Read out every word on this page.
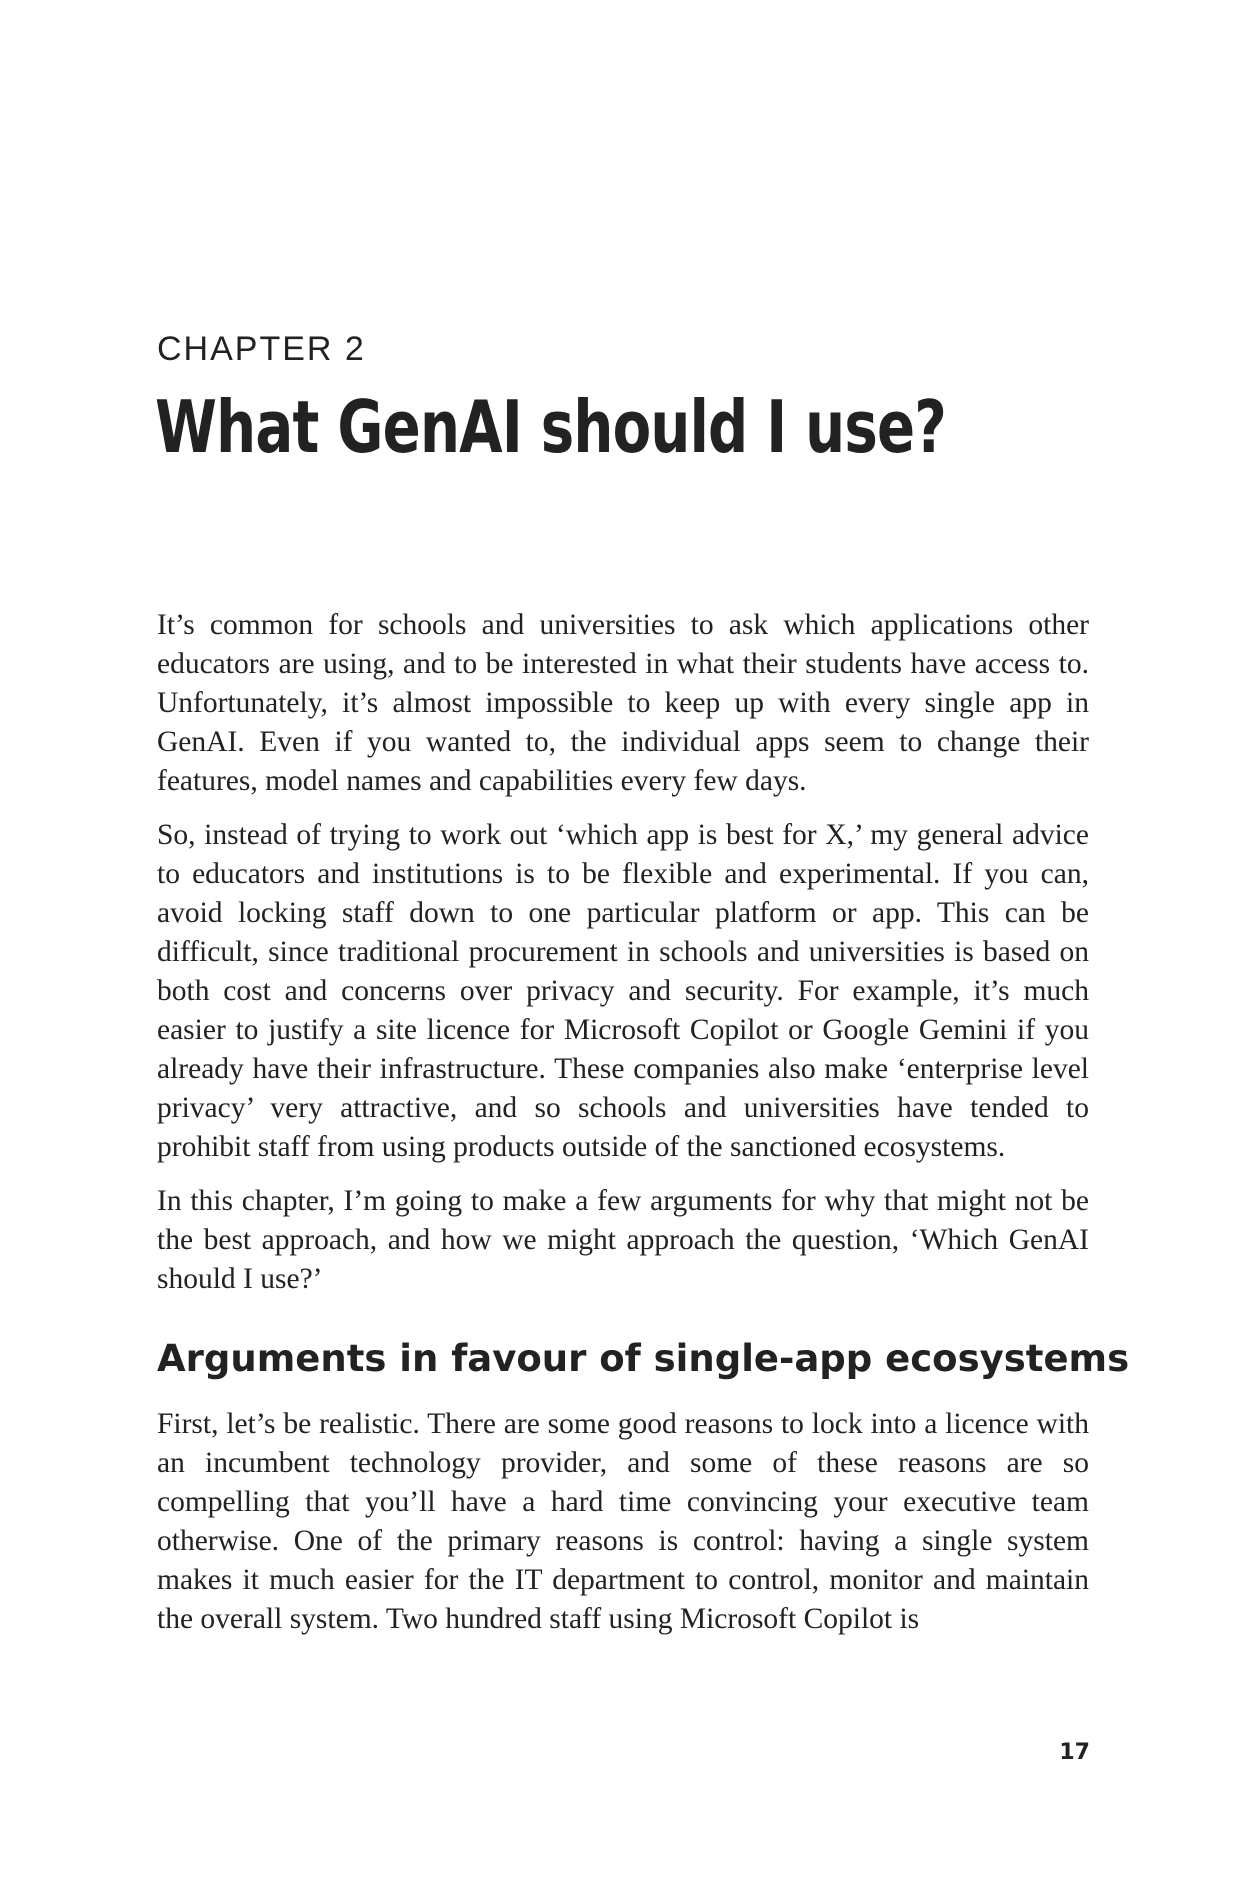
CHAPTER 2
What GenAI should I use?

It’s common for schools and universities to ask which applications other educators are using, and to be interested in what their students have access to. Unfortunately, it’s almost impossible to keep up with every single app in GenAI. Even if you wanted to, the individual apps seem to change their features, model names and capabilities every few days.

So, instead of trying to work out ‘which app is best for X,’ my general advice to educators and institutions is to be flexible and experimental. If you can, avoid locking staff down to one particular platform or app. This can be difficult, since traditional procurement in schools and universities is based on both cost and concerns over privacy and security. For example, it’s much easier to justify a site licence for Microsoft Copilot or Google Gemini if you already have their infrastructure. These companies also make ‘enterprise level privacy’ very attractive, and so schools and universities have tended to prohibit staff from using products outside of the sanctioned ecosystems.

In this chapter, I’m going to make a few arguments for why that might not be the best approach, and how we might approach the question, ‘Which GenAI should I use?’

Arguments in favour of single-app ecosystems

First, let’s be realistic. There are some good reasons to lock into a licence with an incumbent technology provider, and some of these reasons are so compelling that you’ll have a hard time convincing your executive team otherwise. One of the primary reasons is control: having a single system makes it much easier for the IT department to control, monitor and maintain the overall system. Two hundred staff using Microsoft Copilot is

17
